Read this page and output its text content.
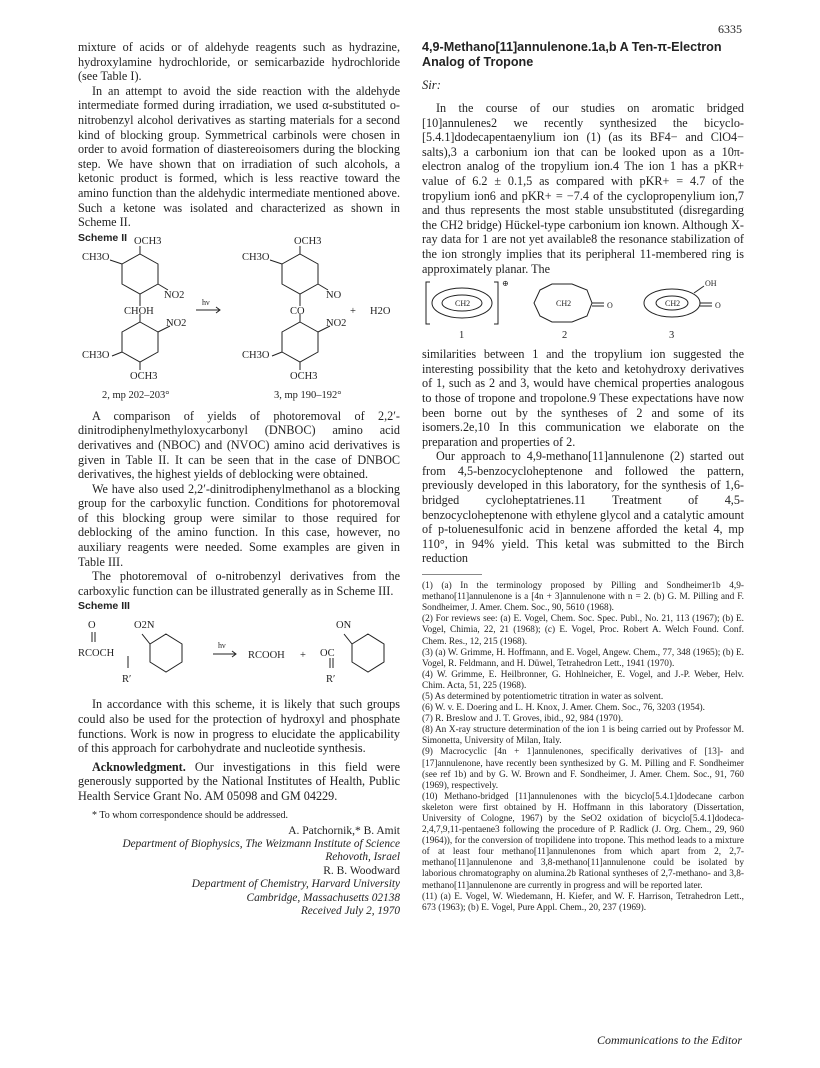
6335

mixture of acids or of aldehyde reagents such as hydrazine, hydroxylamine hydrochloride, or semicarbazide hydrochloride (see Table I).

In an attempt to avoid the side reaction with the aldehyde intermediate formed during irradiation, we used α-substituted o-nitrobenzyl alcohol derivatives as starting materials for a second kind of blocking group. Symmetrical carbinols were chosen in order to avoid formation of diastereoisomers during the blocking step. We have shown that on irradiation of such alcohols, a ketonic product is formed, which is less reactive toward the amino function than the aldehydic intermediate mentioned above. Such a ketone was isolated and characterized as shown in Scheme II.

Scheme II OCH3
CH3O
NO2
CHOH
NO2
CH3O
OCH3
hν
OCH3
CH3O
NO
CO	+ H2O
NO2
CH3O
OCH3
2, mp 202–203°	3, mp 190–192°

A comparison of yields of photoremoval of 2,2′-dinitrodiphenylmethyloxycarbonyl (DNBOC) amino acid derivatives and (NBOC) and (NVOC) amino acid derivatives is given in Table II. It can be seen that in the case of DNBOC derivatives, the highest yields of deblocking were obtained.

We have also used 2,2′-dinitrodiphenylmethanol as a blocking group for the carboxylic function. Conditions for photoremoval of this blocking group were similar to those required for deblocking of the amino function. In this case, however, no auxiliary reagents were needed. Some examples are given in Table III.

The photoremoval of o-nitrobenzyl derivatives from the carboxylic function can be illustrated generally as in Scheme III.

Scheme III
O	O2N
RCOCH
R′
hν
RCOOH +
ON
OC
R′

In accordance with this scheme, it is likely that such groups could also be used for the protection of hydroxyl and phosphate functions. Work is now in progress to elucidate the applicability of this approach for carbohydrate and nucleotide synthesis.

Acknowledgment. Our investigations in this field were generously supported by the National Institutes of Health, Public Health Service Grant No. AM 05098 and GM 04229.

* To whom correspondence should be addressed.
A. Patchornik,* B. Amit
Department of Biophysics, The Weizmann Institute of Science
Rehovoth, Israel
R. B. Woodward
Department of Chemistry, Harvard University
Cambridge, Massachusetts 02138
Received July 2, 1970
4,9-Methano[11]annulenone.1a,b A Ten-π-Electron Analog of Tropone
Sir:

In the course of our studies on aromatic bridged [10]annulenes2 we recently synthesized the bicyclo-[5.4.1]dodecapentaenylium ion (1) (as its BF4− and ClO4− salts),3 a carbonium ion that can be looked upon as a 10π-electron analog of the tropylium ion.4 The ion 1 has a pKR+ value of 6.2 ± 0.1,5 as compared with pKR+ = 4.7 of the tropylium ion6 and pKR+ = −7.4 of the cyclopropenylium ion,7 and thus represents the most stable unsubstituted (disregarding the CH2 bridge) Hückel-type carbonium ion known. Although X-ray data for 1 are not yet available8 the resonance stabilization of the ion strongly implies that its peripheral 11-membered ring is approximately planar. The

⊕
CH2	CH2	O	CH2
OH
O
1	2	3

similarities between 1 and the tropylium ion suggested the interesting possibility that the keto and ketohydroxy derivatives of 1, such as 2 and 3, would have chemical properties analogous to those of tropone and tropolone.9 These expectations have now been borne out by the syntheses of 2 and some of its isomers.2e,10 In this communication we elaborate on the preparation and properties of 2.

Our approach to 4,9-methano[11]annulenone (2) started out from 4,5-benzocycloheptenone and followed the pattern, previously developed in this laboratory, for the synthesis of 1,6-bridged cycloheptatrienes.11 Treatment of 4,5-benzocycloheptenone with ethylene glycol and a catalytic amount of p-toluenesulfonic acid in benzene afforded the ketal 4, mp 110°, in 94% yield. This ketal was submitted to the Birch reduction

(1) (a) In the terminology proposed by Pilling and Sondheimer1b 4,9-methano[11]annulenone is a [4n + 3]annulenone with n = 2. (b) G. M. Pilling and F. Sondheimer, J. Amer. Chem. Soc., 90, 5610 (1968).

(2) For reviews see: (a) E. Vogel, Chem. Soc. Spec. Publ., No. 21, 113 (1967); (b) E. Vogel, Chimia, 22, 21 (1968); (c) E. Vogel, Proc. Robert A. Welch Found. Conf. Chem. Res., 12, 215 (1968).

(3) (a) W. Grimme, H. Hoffmann, and E. Vogel, Angew. Chem., 77, 348 (1965); (b) E. Vogel, R. Feldmann, and H. Düwel, Tetrahedron Lett., 1941 (1970).

(4) W. Grimme, E. Heilbronner, G. Hohlneicher, E. Vogel, and J.-P. Weber, Helv. Chim. Acta, 51, 225 (1968).

(5) As determined by potentiometric titration in water as solvent.

(6) W. v. E. Doering and L. H. Knox, J. Amer. Chem. Soc., 76, 3203 (1954).

(7) R. Breslow and J. T. Groves, ibid., 92, 984 (1970).

(8) An X-ray structure determination of the ion 1 is being carried out by Professor M. Simonetta, University of Milan, Italy.

(9) Macrocyclic [4n + 1]annulenones, specifically derivatives of [13]- and [17]annulenone, have recently been synthesized by G. M. Pilling and F. Sondheimer (see ref 1b) and by G. W. Brown and F. Sondheimer, J. Amer. Chem. Soc., 91, 760 (1969), respectively.

(10) Methano-bridged [11]annulenones with the bicyclo[5.4.1]dodecane carbon skeleton were first obtained by H. Hoffmann in this laboratory (Dissertation, University of Cologne, 1967) by the SeO2 oxidation of bicyclo[5.4.1]dodeca-2,4,7,9,11-pentaene3 following the procedure of P. Radlick (J. Org. Chem., 29, 960 (1964)), for the conversion of tropilidene into tropone. This method leads to a mixture of at least four methano[11]annulenones from which apart from 2, 2,7-methano[11]annulenone and 3,8-methano[11]annulenone could be isolated by laborious chromatography on alumina.2b Rational syntheses of 2,7-methano- and 3,8-methano[11]annulenone are currently in progress and will be reported later.

(11) (a) E. Vogel, W. Wiedemann, H. Kiefer, and W. F. Harrison, Tetrahedron Lett., 673 (1963); (b) E. Vogel, Pure Appl. Chem., 20, 237 (1969).

Communications to the Editor
